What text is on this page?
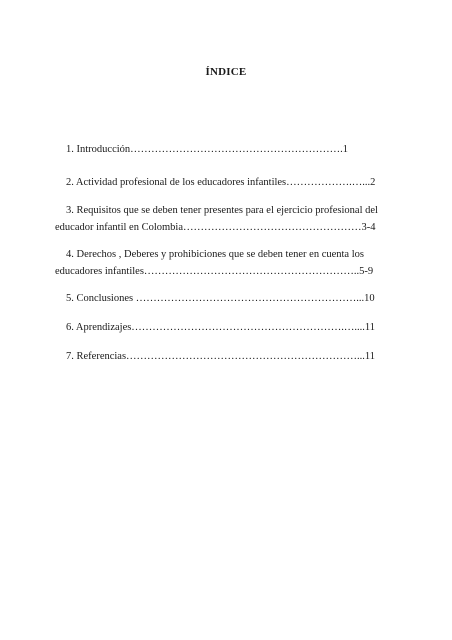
ÍNDICE
1. Introducción…………………………………………………….1
2. Actividad profesional de los educadores infantiles……………….…...2
3. Requisitos que se deben tener presentes para el ejercicio profesional del
educador infantil en Colombia……………………………………………3-4
4. Derechos , Deberes y prohibiciones que se deben tener en cuenta los
educadores infantiles……………………………………………………..5-9
5. Conclusiones ………………………………………………………...10
6. Aprendizajes…………………………………………………….…....11
7. Referencias…………………………………………………………...11
